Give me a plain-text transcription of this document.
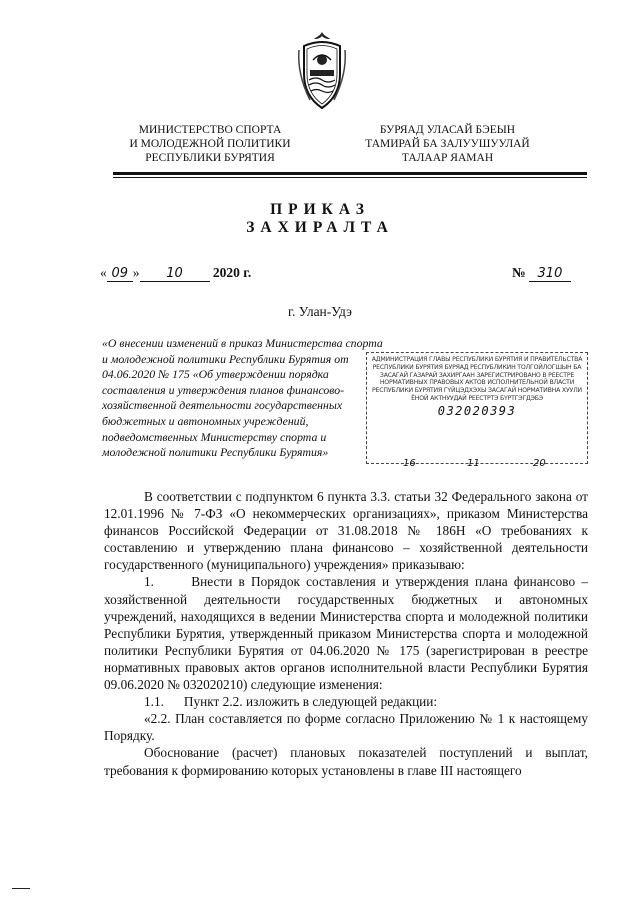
МИНИСТЕРСТВО СПОРТА
И МОЛОДЕЖНОЙ ПОЛИТИКИ
РЕСПУБЛИКИ БУРЯТИЯ
БУРЯАД УЛАСАЙ БЭЕЫН
ТАМИРАЙ БА ЗАЛУУШУУЛАЙ
ТАЛААР ЯАМАН
ПРИКАЗ
ЗАХИРАЛТА
« 09 » 10 2020 г.	№ 310
г. Улан-Удэ
«О внесении изменений в приказ Министерства спорта и молодежной политики Республики Бурятия от 04.06.2020 № 175 «Об утверждении порядка составления и утверждения планов финансово-хозяйственной деятельности государственных бюджетных и автономных учреждений, подведомственных Министерству спорта и молодежной политики Республики Бурятия»
АДМИНИСТРАЦИЯ ГЛАВЫ РЕСПУБЛИКИ БУРЯТИЯ И ПРАВИТЕЛЬСТВА РЕСПУБЛИКИ БУРЯТИЯ БУРЯАД РЕСПУБЛИКИН ТОЛГОЙЛОГШЫН БА ЗАСАГАЙ ГАЗАРАЙ ЗАХИРГААН ЗАРЕГИСТРИРОВАНО В РЕЕСТРЕ НОРМАТИВНЫХ ПРАВОВЫХ АКТОВ ИСПОЛНИТЕЛЬНОЙ ВЛАСТИ РЕСПУБЛИКИ БУРЯТИЯ ГҮЙЦЭДХЭХЫ ЗАСАГАЙ НОРМАТИВНА ХУУЛИ ЁНОЙ АКТНУУДАЙ РЕЕСТРТЭ БҮРТГЭГДЭБЭ
032020393
16	11	20

В соответствии с подпунктом 6 пункта 3.3. статьи 32 Федерального закона от 12.01.1996 № 7-ФЗ «О некоммерческих организациях», приказом Министерства финансов Российской Федерации от 31.08.2018 № 186Н «О требованиях к составлению и утверждению плана финансово – хозяйственной деятельности государственного (муниципального) учреждения» приказываю:

1.      Внести в Порядок составления и утверждения плана финансово – хозяйственной деятельности государственных бюджетных и автономных учреждений, находящихся в ведении Министерства спорта и молодежной политики Республики Бурятия, утвержденный приказом Министерства спорта и молодежной политики Республики Бурятия от 04.06.2020 № 175 (зарегистрирован в реестре нормативных правовых актов органов исполнительной власти Республики Бурятия 09.06.2020 № 032020210) следующие изменения:

1.1.      Пункт 2.2. изложить в следующей редакции:

«2.2. План составляется по форме согласно Приложению № 1 к настоящему Порядку.

Обоснование (расчет) плановых показателей поступлений и выплат, требования к формированию которых установлены в главе III настоящего
